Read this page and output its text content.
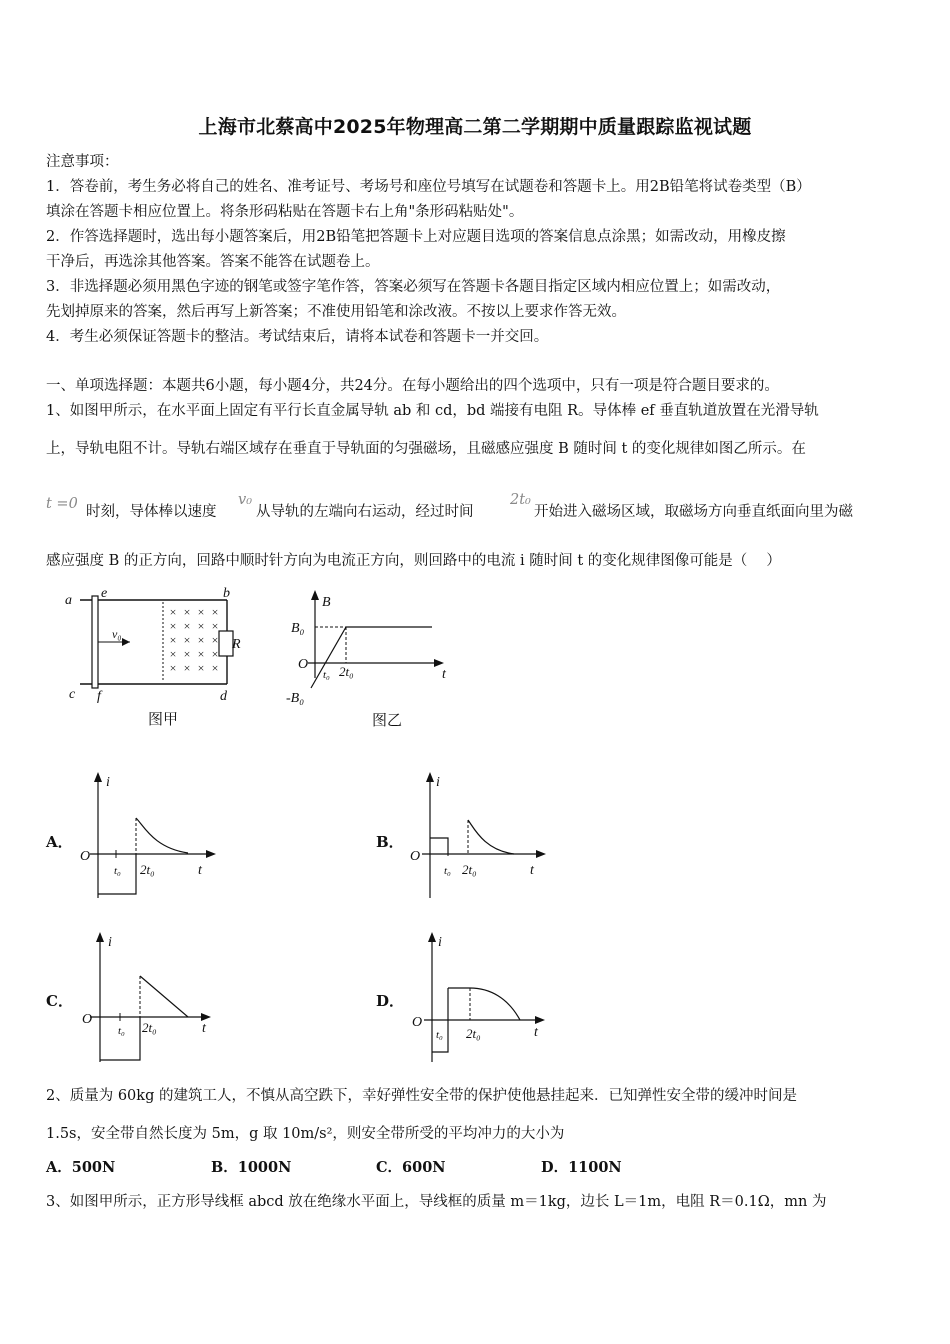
上海市北蔡高中2025年物理高二第二学期期中质量跟踪监视试题
注意事项：
1．答卷前，考生务必将自己的姓名、准考证号、考场号和座位号填写在试题卷和答题卡上。用2B铅笔将试卷类型（B）
填涂在答题卡相应位置上。将条形码粘贴在答题卡右上角"条形码粘贴处"。
2．作答选择题时，选出每小题答案后，用2B铅笔把答题卡上对应题目选项的答案信息点涂黑；如需改动，用橡皮擦
干净后，再选涂其他答案。答案不能答在试题卷上。
3．非选择题必须用黑色字迹的钢笔或签字笔作答，答案必须写在答题卡各题目指定区域内相应位置上；如需改动，
先划掉原来的答案，然后再写上新答案；不准使用铅笔和涂改液。不按以上要求作答无效。
4．考生必须保证答题卡的整洁。考试结束后，请将本试卷和答题卡一并交回。
一、单项选择题：本题共6小题，每小题4分，共24分。在每小题给出的四个选项中，只有一项是符合题目要求的。
1、如图甲所示，在水平面上固定有平行长直金属导轨 ab 和 cd，bd 端接有电阻 R。导体棒 ef 垂直轨道放置在光滑导轨
上，导轨电阻不计。导轨右端区域存在垂直于导轨面的匀强磁场，且磁感应强度 B 随时间 t 的变化规律如图乙所示。在
t =0 时刻，导体棒以速度
v₀
从导轨的左端向右运动，经过时间
2t₀
开始进入磁场区域，取磁场方向垂直纸面向里为磁
感应强度 B 的正方向，回路中顺时针方向为电流正方向，则回路中的电流 i 随时间 t 的变化规律图像可能是（　 ）
× × × ×
× × × ×
× × × ×
× × × ×
× × × ×
a e	b
c f	d
R
v₀
图甲
B
B₀
O
-B₀
t
t₀ 2t₀
图乙
A．
i
O
t
t₀ 2t₀
B．
i
O
t
t₀ 2t₀
C．
i
O
t
t₀ 2t₀
D．
i
O
t
t₀ 2t₀
2、质量为 60kg 的建筑工人，不慎从高空跌下，幸好弹性安全带的保护使他悬挂起来．已知弹性安全带的缓冲时间是
1.5s，安全带自然长度为 5m，g 取 10m/s²，则安全带所受的平均冲力的大小为
A．500N	B．1000N	C．600N	D．1100N
3、如图甲所示，正方形导线框 abcd 放在绝缘水平面上，导线框的质量 m＝1kg，边长 L＝1m，电阻 R＝0.1Ω，mn 为
